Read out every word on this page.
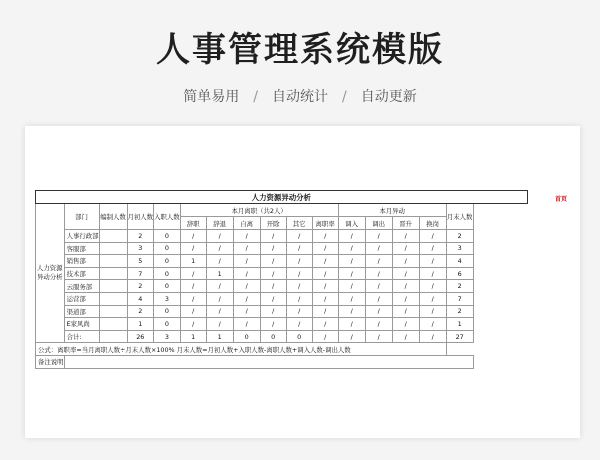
人事管理系统模版
简单易用 / 自动统计 / 自动更新
首页
人力资源异动分析																
人力资源异动分析	部门	编制人数	月初人数	入职人数	本月离职（共2人）						本月异动				月末人数	
					辞职	辞退	自离	开除	其它	离职率	调入	调出	晋升	换岗		
	人事行政部		2	0	/	/	/	/	/	/	/	/	/	/	2	
	客服部		3	0	/	/	/	/	/	/	/	/	/	/	3	
	销售部		5	0	1	/	/	/	/	/	/	/	/	/	4	
	技术部		7	0	/	1	/	/	/	/	/	/	/	/	6	
	云服务部		2	0	/	/	/	/	/	/	/	/	/	/	2	
	运营部		4	3	/	/	/	/	/	/	/	/	/	/	7	
	渠道部		2	0	/	/	/	/	/	/	/	/	/	/	2	
	E家风尚		1	0	/	/	/	/	/	/	/	/	/	/	1	
	合计:		26	3	1	1	0	0	0	/	/	/	/	/	27	
公式：离职率=当月离职人数÷月末人数×100% 月末人数=月初人数+入职人数-离职人数+调入人数-调出人数																
备注说明																
